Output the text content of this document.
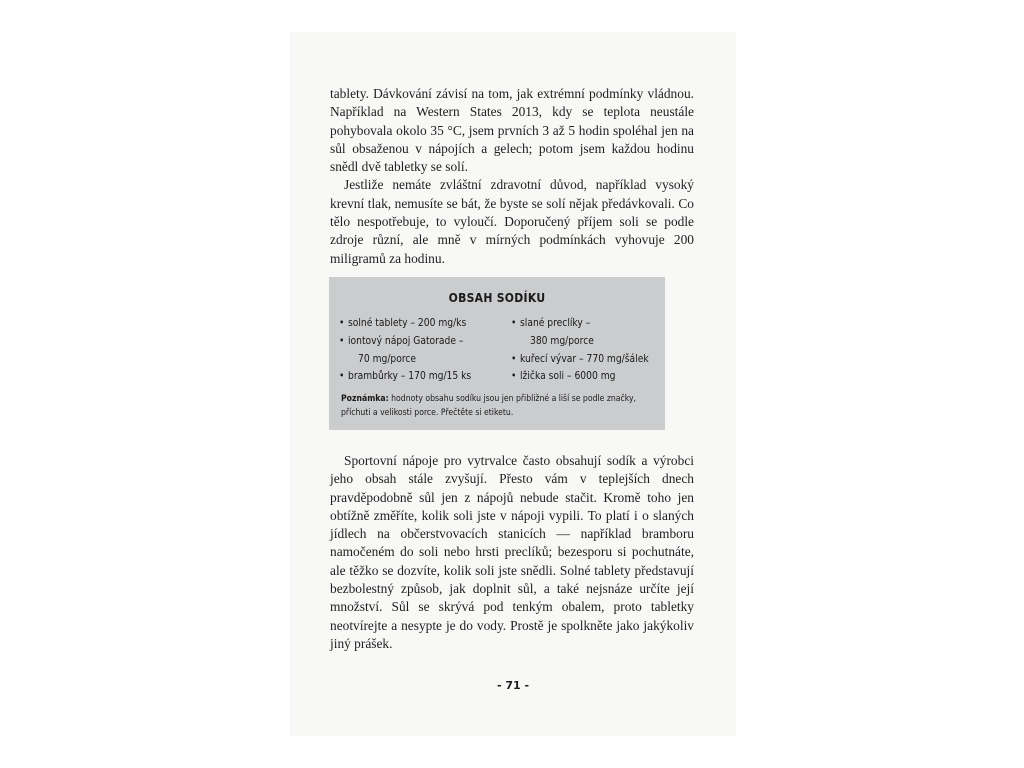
tablety. Dávkování závisí na tom, jak extrémní podmínky vládnou. Například na Western States 2013, kdy se teplota neustále pohybovala okolo 35 °C, jsem prvních 3 až 5 hodin spoléhal jen na sůl obsaženou v nápojích a gelech; potom jsem každou hodinu snědl dvě tabletky se solí.

Jestliže nemáte zvláštní zdravotní důvod, například vysoký krevní tlak, nemusíte se bát, že byste se solí nějak předávkovali. Co tělo nespotřebuje, to vyloučí. Doporučený příjem soli se podle zdroje různí, ale mně v mírných podmínkách vyhovuje 200 miligramů za hodinu.

OBSAH SODÍKU
• solné tablety – 200 mg/ks
• iontový nápoj Gatorade –
70 mg/porce
• brambůrky – 170 mg/15 ks
• slané preclíky –
380 mg/porce
• kuřecí vývar – 770 mg/šálek
• lžička soli – 6000 mg
Poznámka: hodnoty obsahu sodíku jsou jen přibližné a liší se podle značky, příchuti a velikosti porce. Přečtěte si etiketu.

Sportovní nápoje pro vytrvalce často obsahují sodík a výrobci jeho obsah stále zvyšují. Přesto vám v teplejších dnech pravděpodobně sůl jen z nápojů nebude stačit. Kromě toho jen obtížně změříte, kolik soli jste v nápoji vypili. To platí i o slaných jídlech na občerstvovacích stanicích — například bramboru namočeném do soli nebo hrsti preclíků; bezesporu si pochutnáte, ale těžko se dozvíte, kolik soli jste snědli. Solné tablety představují bezbolestný způsob, jak doplnit sůl, a také nejsnáze určíte její množství. Sůl se skrývá pod tenkým obalem, proto tabletky neotvírejte a nesypte je do vody. Prostě je spolkněte jako jakýkoliv jiný prášek.

- 71 -
